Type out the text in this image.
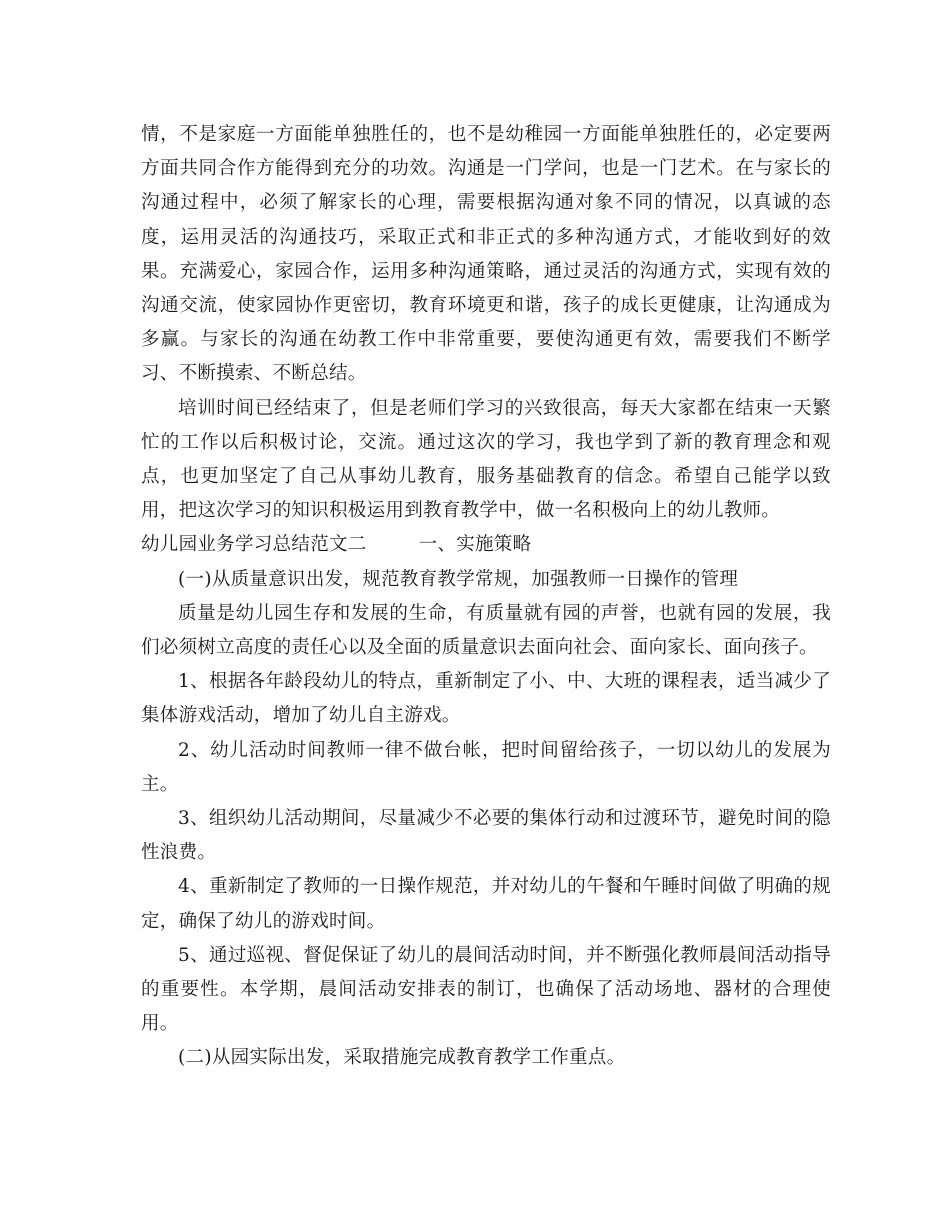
情，不是家庭一方面能单独胜任的，也不是幼稚园一方面能单独胜任的，必定要两方面共同合作方能得到充分的功效。沟通是一门学问，也是一门艺术。在与家长的沟通过程中，必须了解家长的心理，需要根据沟通对象不同的情况，以真诚的态度，运用灵活的沟通技巧，采取正式和非正式的多种沟通方式，才能收到好的效果。充满爱心，家园合作，运用多种沟通策略，通过灵活的沟通方式，实现有效的沟通交流，使家园协作更密切，教育环境更和谐，孩子的成长更健康，让沟通成为多赢。与家长的沟通在幼教工作中非常重要，要使沟通更有效，需要我们不断学习、不断摸索、不断总结。

培训时间已经结束了，但是老师们学习的兴致很高，每天大家都在结束一天繁忙的工作以后积极讨论，交流。通过这次的学习，我也学到了新的教育理念和观点，也更加坚定了自己从事幼儿教育，服务基础教育的信念。希望自己能学以致用，把这次学习的知识积极运用到教育教学中，做一名积极向上的幼儿教师。

幼儿园业务学习总结范文二	一、实施策略

(一)从质量意识出发，规范教育教学常规，加强教师一日操作的管理

质量是幼儿园生存和发展的生命，有质量就有园的声誉，也就有园的发展，我们必须树立高度的责任心以及全面的质量意识去面向社会、面向家长、面向孩子。

1、根据各年龄段幼儿的特点，重新制定了小、中、大班的课程表，适当减少了集体游戏活动，增加了幼儿自主游戏。

2、幼儿活动时间教师一律不做台帐，把时间留给孩子，一切以幼儿的发展为主。

3、组织幼儿活动期间，尽量减少不必要的集体行动和过渡环节，避免时间的隐性浪费。

4、重新制定了教师的一日操作规范，并对幼儿的午餐和午睡时间做了明确的规定，确保了幼儿的游戏时间。

5、通过巡视、督促保证了幼儿的晨间活动时间，并不断强化教师晨间活动指导的重要性。本学期，晨间活动安排表的制订，也确保了活动场地、器材的合理使用。

(二)从园实际出发，采取措施完成教育教学工作重点。
